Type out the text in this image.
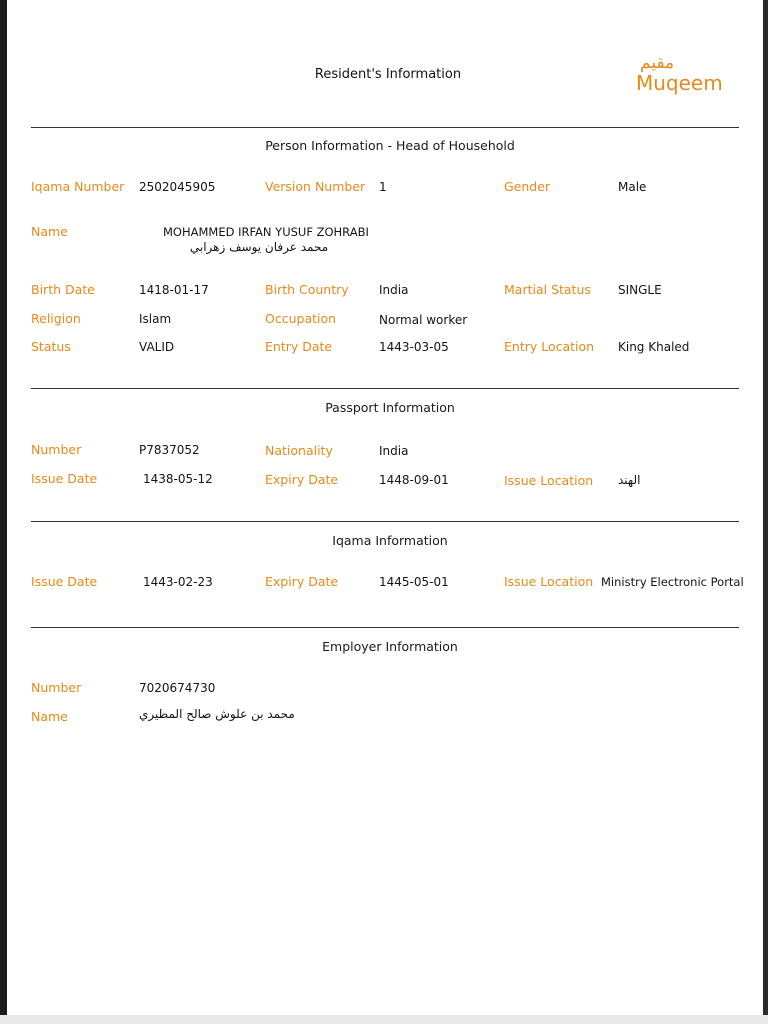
Resident's Information
مقيم
Muqeem
Person Information - Head of Household
Iqama Number 2502045905	Version Number 1	Gender	Male
Name	MOHAMMED IRFAN YUSUF ZOHRABI
محمد عرفان يوسف زهرابي
Birth Date	1418-01-17	Birth Country	India	Martial Status SINGLE
Religion	Islam	Occupation	Normal worker
Status	VALID	Entry Date	1443-03-05	Entry Location King Khaled
Passport Information
Number	P7837052	Nationality	India
Issue Date	1438-05-12	Expiry Date	1448-09-01	Issue Location الهند
Iqama Information
Issue Date	1443-02-23	Expiry Date	1445-05-01	Issue Location Ministry Electronic Portal
Employer Information
Number	7020674730
Name	محمد بن علوش صالح المطيري
